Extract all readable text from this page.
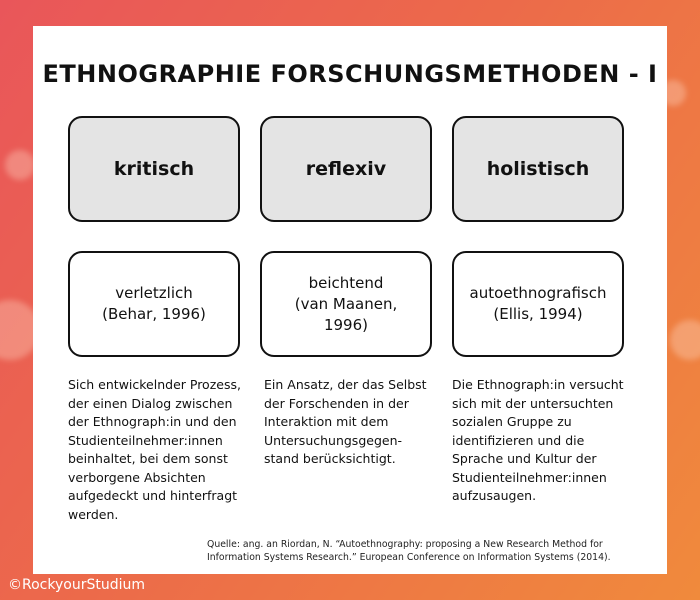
ETHNOGRAPHIE FORSCHUNGSMETHODEN - I
kritisch	reflexiv	holistisch
verletzlich
(Behar, 1996)
beichtend
(van Maanen,
1996)
autoethnografisch
(Ellis, 1994)
Sich entwickelnder Prozess, der einen Dialog zwischen der Ethnograph:in und den Studienteilnehmer:innen beinhaltet, bei dem sonst verborgene Absichten aufgedeckt und hinterfragt werden.
Ein Ansatz, der das Selbst der Forschenden in der Interaktion mit dem Untersuchungsgegen-stand berücksichtigt.
Die Ethnograph:in versucht sich mit der untersuchten sozialen Gruppe zu identifizieren und die Sprache und Kultur der Studienteilnehmer:innen aufzusaugen.
Quelle: ang. an Riordan, N. “Autoethnography: proposing a New Research Method for Information Systems Research.” European Conference on Information Systems (2014).
©RockyourStudium
